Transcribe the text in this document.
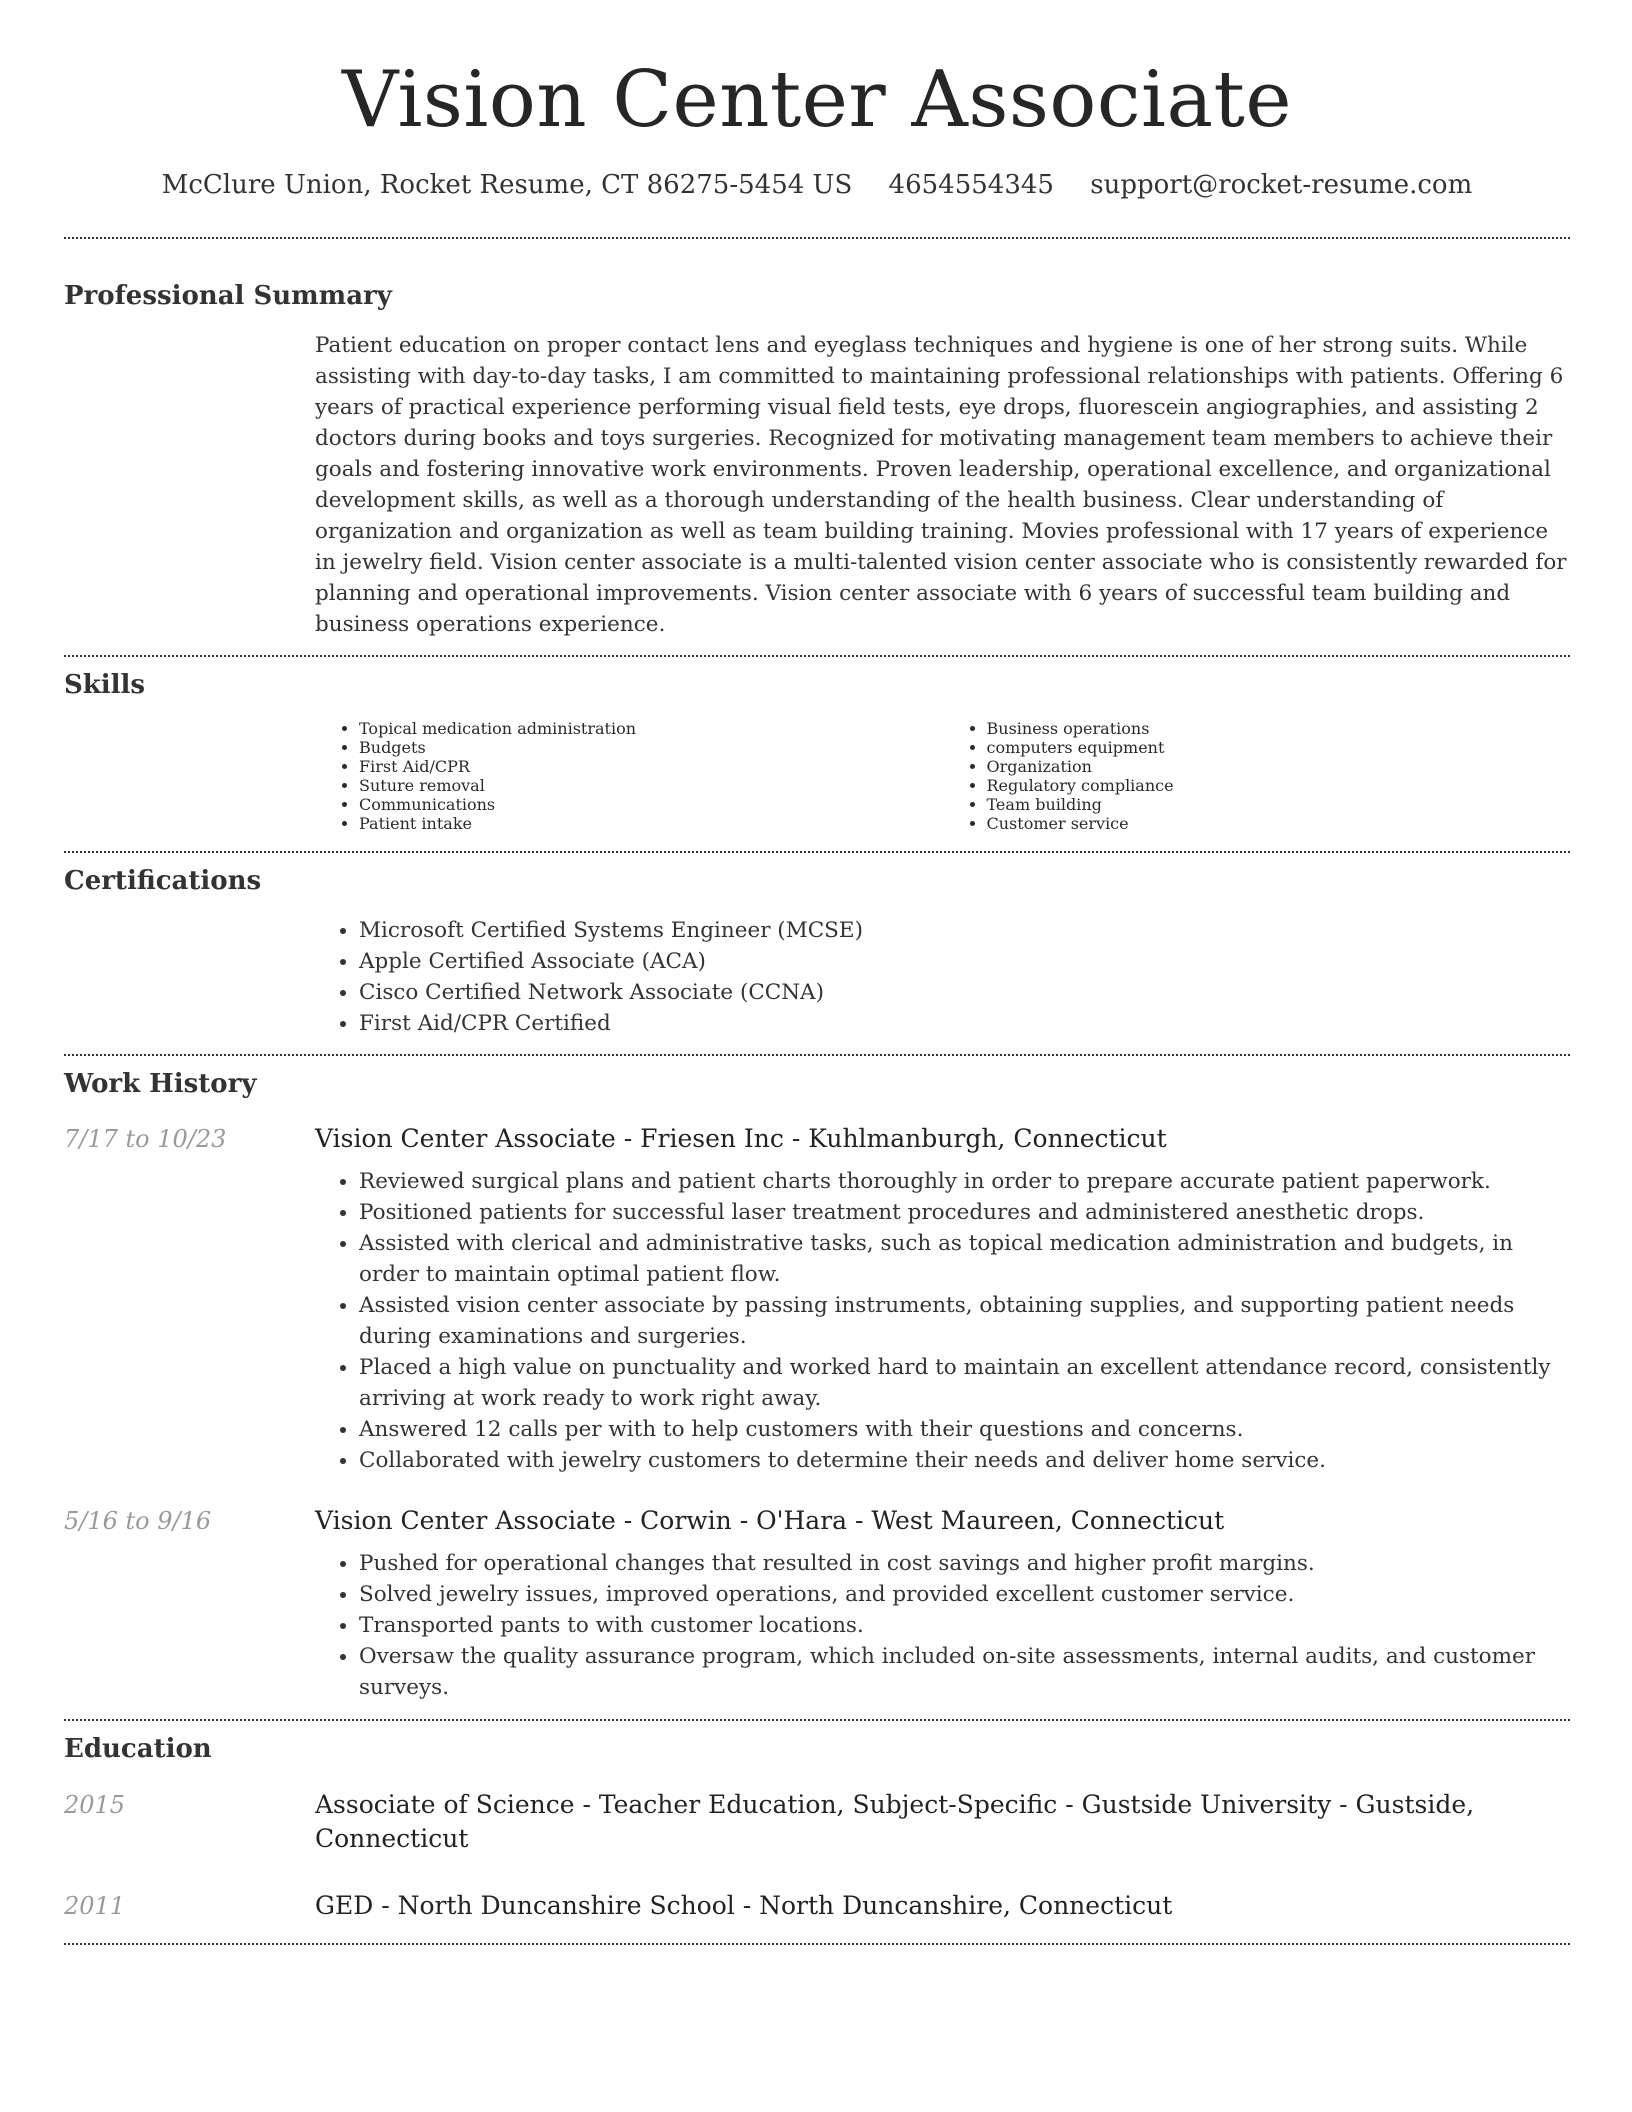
Vision Center Associate
McClure Union, Rocket Resume, CT 86275-5454 US 4654554345 support@rocket-resume.com
Professional Summary
Patient education on proper contact lens and eyeglass techniques and hygiene is one of her strong suits. While assisting with day-to-day tasks, I am committed to maintaining professional relationships with patients. Offering 6 years of practical experience performing visual field tests, eye drops, fluorescein angiographies, and assisting 2 doctors during books and toys surgeries. Recognized for motivating management team members to achieve their goals and fostering innovative work environments. Proven leadership, operational excellence, and organizational development skills, as well as a thorough understanding of the health business. Clear understanding of organization and organization as well as team building training. Movies professional with 17 years of experience in jewelry field. Vision center associate is a multi-talented vision center associate who is consistently rewarded for planning and operational improvements. Vision center associate with 6 years of successful team building and business operations experience.
Skills
• Topical medication administration
• Budgets
• First Aid/CPR
• Suture removal
• Communications
• Patient intake
• Business operations
• computers equipment
• Organization
• Regulatory compliance
• Team building
• Customer service
Certifications
• Microsoft Certified Systems Engineer (MCSE)
• Apple Certified Associate (ACA)
• Cisco Certified Network Associate (CCNA)
• First Aid/CPR Certified
Work History
7/17 to 10/23	Vision Center Associate - Friesen Inc - Kuhlmanburgh, Connecticut
• Reviewed surgical plans and patient charts thoroughly in order to prepare accurate patient paperwork.
• Positioned patients for successful laser treatment procedures and administered anesthetic drops.
• Assisted with clerical and administrative tasks, such as topical medication administration and budgets, in order to maintain optimal patient flow.
• Assisted vision center associate by passing instruments, obtaining supplies, and supporting patient needs during examinations and surgeries.
• Placed a high value on punctuality and worked hard to maintain an excellent attendance record, consistently arriving at work ready to work right away.
• Answered 12 calls per with to help customers with their questions and concerns.
• Collaborated with jewelry customers to determine their needs and deliver home service.
5/16 to 9/16	Vision Center Associate - Corwin - O'Hara - West Maureen, Connecticut
• Pushed for operational changes that resulted in cost savings and higher profit margins.
• Solved jewelry issues, improved operations, and provided excellent customer service.
• Transported pants to with customer locations.
• Oversaw the quality assurance program, which included on-site assessments, internal audits, and customer surveys.
Education
2015	Associate of Science - Teacher Education, Subject-Specific - Gustside University - Gustside, Connecticut
2011	GED - North Duncanshire School - North Duncanshire, Connecticut
